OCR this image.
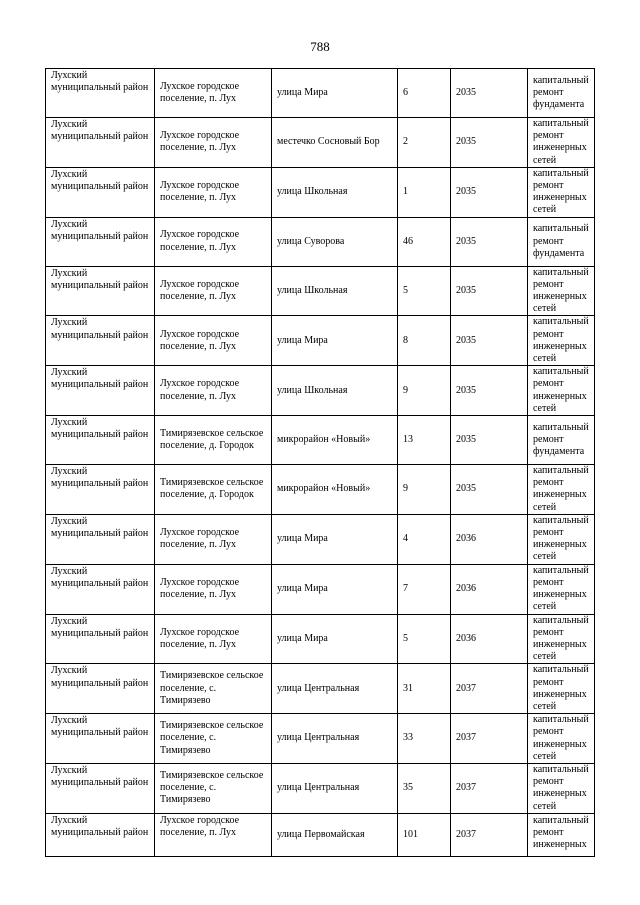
788
Лухский муниципальный район	Лухское городское поселение, п. Лух	улица Мира	6	2035	капитальный ремонт фундамента
Лухский муниципальный район	Лухское городское поселение, п. Лух	местечко Сосновый Бор	2	2035	капитальный ремонт инженерных сетей
Лухский муниципальный район	Лухское городское поселение, п. Лух	улица Школьная	1	2035	капитальный ремонт инженерных сетей
Лухский муниципальный район	Лухское городское поселение, п. Лух	улица Суворова	46	2035	капитальный ремонт фундамента
Лухский муниципальный район	Лухское городское поселение, п. Лух	улица Школьная	5	2035	капитальный ремонт инженерных сетей
Лухский муниципальный район	Лухское городское поселение, п. Лух	улица Мира	8	2035	капитальный ремонт инженерных сетей
Лухский муниципальный район	Лухское городское поселение, п. Лух	улица Школьная	9	2035	капитальный ремонт инженерных сетей
Лухский муниципальный район	Тимирязевское сельское поселение, д. Городок	микрорайон «Новый»	13	2035	капитальный ремонт фундамента
Лухский муниципальный район	Тимирязевское сельское поселение, д. Городок	микрорайон «Новый»	9	2035	капитальный ремонт инженерных сетей
Лухский муниципальный район	Лухское городское поселение, п. Лух	улица Мира	4	2036	капитальный ремонт инженерных сетей
Лухский муниципальный район	Лухское городское поселение, п. Лух	улица Мира	7	2036	капитальный ремонт инженерных сетей
Лухский муниципальный район	Лухское городское поселение, п. Лух	улица Мира	5	2036	капитальный ремонт инженерных сетей
Лухский муниципальный район	Тимирязевское сельское поселение, с. Тимирязево	улица Центральная	31	2037	капитальный ремонт инженерных сетей
Лухский муниципальный район	Тимирязевское сельское поселение, с. Тимирязево	улица Центральная	33	2037	капитальный ремонт инженерных сетей
Лухский муниципальный район	Тимирязевское сельское поселение, с. Тимирязево	улица Центральная	35	2037	капитальный ремонт инженерных сетей
Лухский муниципальный район	Лухское городское поселение, п. Лух	улица Первомайская	101	2037	капитальный ремонт инженерных
